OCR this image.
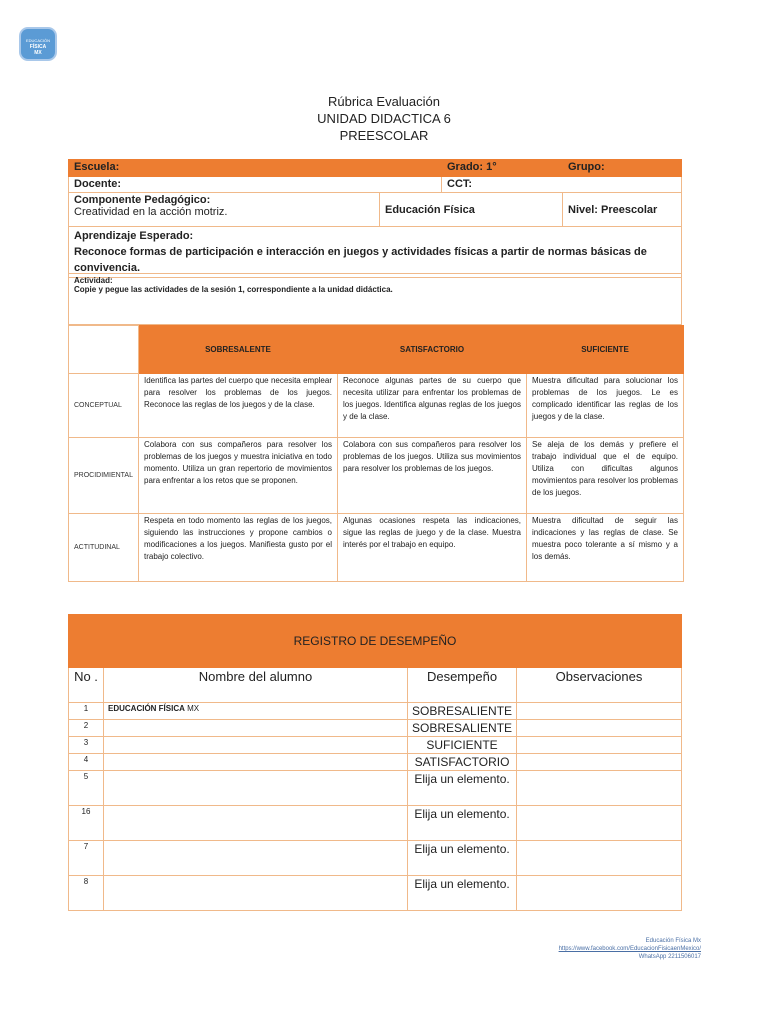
EDUCACIÓN
FÍSICA
MX
Rúbrica Evaluación
UNIDAD DIDACTICA 6
PREESCOLAR
Escuela:		Grado: 1°	Grupo:
Docente:		CCT:	

Componente Pedagógico:
Creatividad en la acción motriz.	Educación Física		Nivel: Preescolar

Aprendizaje Esperado:
Reconoce formas de participación e interacción en juegos y actividades físicas a partir de normas básicas de convivencia.			
Actividad:
Copie y pegue las actividades de la sesión 1, correspondiente a la unidad didáctica.
	SOBRESALENTE	SATISFACTORIO	SUFICIENTE
CONCEPTUAL	Identifica las partes del cuerpo que necesita emplear para resolver los problemas de los juegos. Reconoce las reglas de los juegos y de la clase.	Reconoce algunas partes de su cuerpo que necesita utilizar para enfrentar los problemas de los juegos. Identifica algunas reglas de los juegos y de la clase.	Muestra dificultad para solucionar los problemas de los juegos. Le es complicado identificar las reglas de los juegos y de la clase.
PROCIDIMIENTAL	Colabora con sus compañeros para resolver los problemas de los juegos y muestra iniciativa en todo momento. Utiliza un gran repertorio de movimientos para enfrentar a los retos que se proponen.	Colabora con sus compañeros para resolver los problemas de los juegos. Utiliza sus movimientos para resolver los problemas de los juegos.	Se aleja de los demás y prefiere el trabajo individual que el de equipo. Utiliza con dificultas algunos movimientos para resolver los problemas de los juegos.
ACTITUDINAL	Respeta en todo momento las reglas de los juegos, siguiendo las instrucciones y propone cambios o modificaciones a los juegos. Manifiesta gusto por el trabajo colectivo.	Algunas ocasiones respeta las indicaciones, sigue las reglas de juego y de la clase. Muestra interés por el trabajo en equipo.	Muestra dificultad de seguir las indicaciones y las reglas de clase. Se muestra poco tolerante a sí mismo y a los demás.
REGISTRO DE DESEMPEÑO			
No .	Nombre del alumno	Desempeño	Observaciones
1	EDUCACIÓN FÍSICA MX	SOBRESALIENTE	
2		SOBRESALIENTE	
3		SUFICIENTE	
4		SATISFACTORIO	
5		Elija un elemento.	
16		Elija un elemento.	
7		Elija un elemento.	
8		Elija un elemento.	
Educación Física Mx
https://www.facebook.com/EducacionFisicaenMexico/
WhatsApp 2211506017
